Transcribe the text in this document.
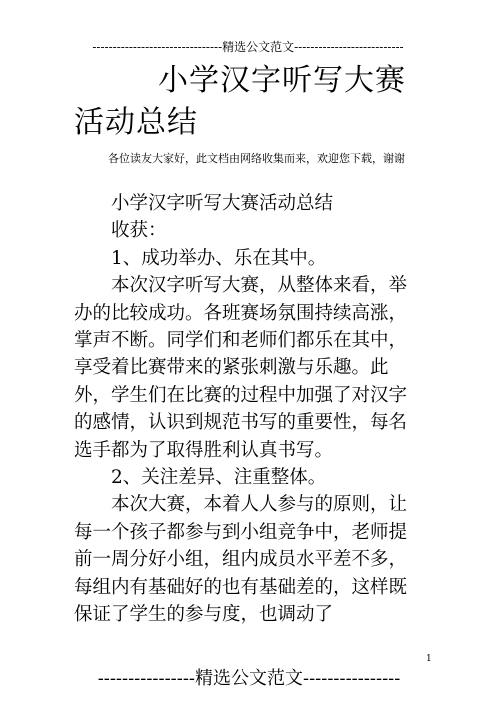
--------------------------------精选公文范文---------------------------
小学汉字听写大赛
活动总结
各位读友大家好，此文档由网络收集而来，欢迎您下载，谢谢

小学汉字听写大赛活动总结

收获：

1、成功举办、乐在其中。

本次汉字听写大赛，从整体来看，举办的比较成功。各班赛场氛围持续高涨，掌声不断。同学们和老师们都乐在其中，享受着比赛带来的紧张刺激与乐趣。此外，学生们在比赛的过程中加强了对汉字的感情，认识到规范书写的重要性，每名选手都为了取得胜利认真书写。

2、关注差异、注重整体。

本次大赛，本着人人参与的原则，让每一个孩子都参与到小组竞争中，老师提前一周分好小组，组内成员水平差不多，每组内有基础好的也有基础差的，这样既保证了学生的参与度，也调动了

1
----------------精选公文范文----------------
